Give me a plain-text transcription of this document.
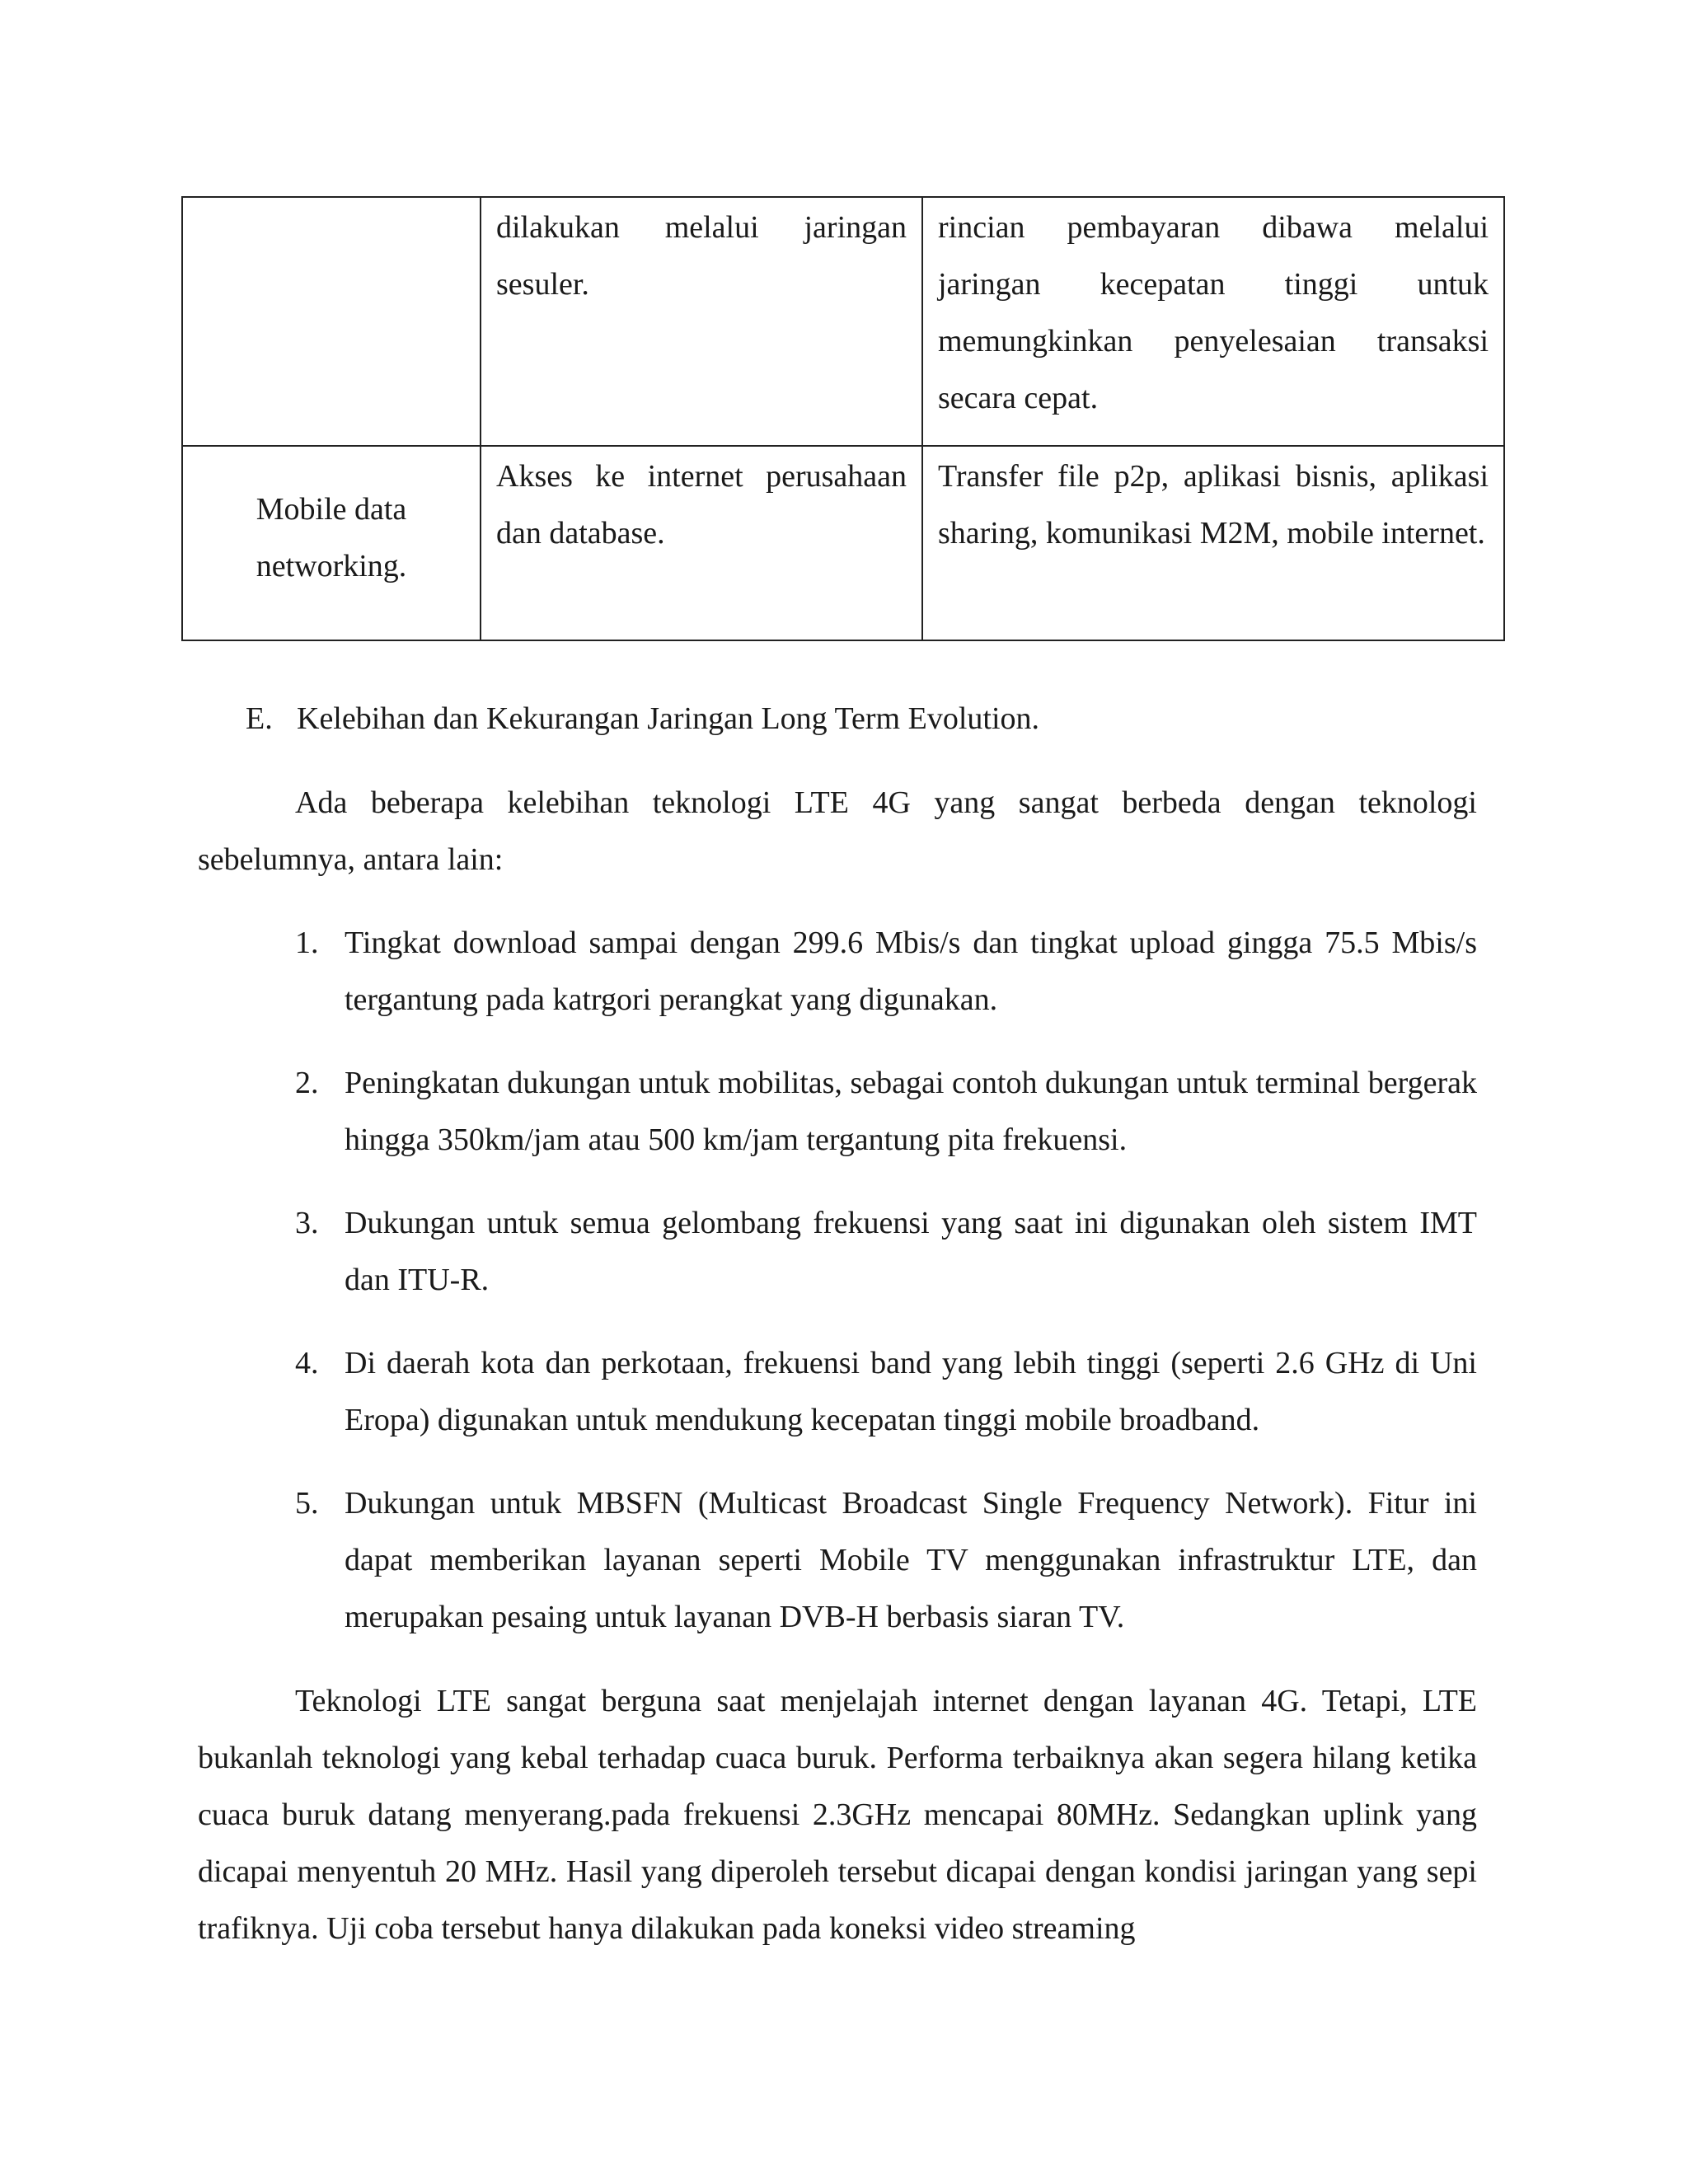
	dilakukan melalui jaringan sesuler.	rincian pembayaran dibawa melalui jaringan kecepatan tinggi untuk memungkinkan penyelesaian transaksi secara cepat.
Mobile data networking.	Akses ke internet perusahaan dan database.	Transfer file p2p, aplikasi bisnis, aplikasi sharing, komunikasi M2M, mobile internet.
E. Kelebihan dan Kekurangan Jaringan Long Term Evolution.

Ada beberapa kelebihan teknologi LTE 4G yang sangat berbeda dengan teknologi sebelumnya, antara lain:

1. Tingkat download sampai dengan 299.6 Mbis/s dan tingkat upload gingga 75.5 Mbis/s tergantung pada katrgori perangkat yang digunakan.
2. Peningkatan dukungan untuk mobilitas, sebagai contoh dukungan untuk terminal bergerak hingga 350km/jam atau 500 km/jam tergantung pita frekuensi.
3. Dukungan untuk semua gelombang frekuensi yang saat ini digunakan oleh sistem IMT dan ITU-R.
4. Di daerah kota dan perkotaan, frekuensi band yang lebih tinggi (seperti 2.6 GHz di Uni Eropa) digunakan untuk mendukung kecepatan tinggi mobile broadband.
5. Dukungan untuk MBSFN (Multicast Broadcast Single Frequency Network). Fitur ini dapat memberikan layanan seperti Mobile TV menggunakan infrastruktur LTE, dan merupakan pesaing untuk layanan DVB-H berbasis siaran TV.

Teknologi LTE sangat berguna saat menjelajah internet dengan layanan 4G. Tetapi, LTE bukanlah teknologi yang kebal terhadap cuaca buruk. Performa terbaiknya akan segera hilang ketika cuaca buruk datang menyerang.pada frekuensi 2.3GHz mencapai 80MHz. Sedangkan uplink yang dicapai menyentuh 20 MHz. Hasil yang diperoleh tersebut dicapai dengan kondisi jaringan yang sepi trafiknya. Uji coba tersebut hanya dilakukan pada koneksi video streaming
